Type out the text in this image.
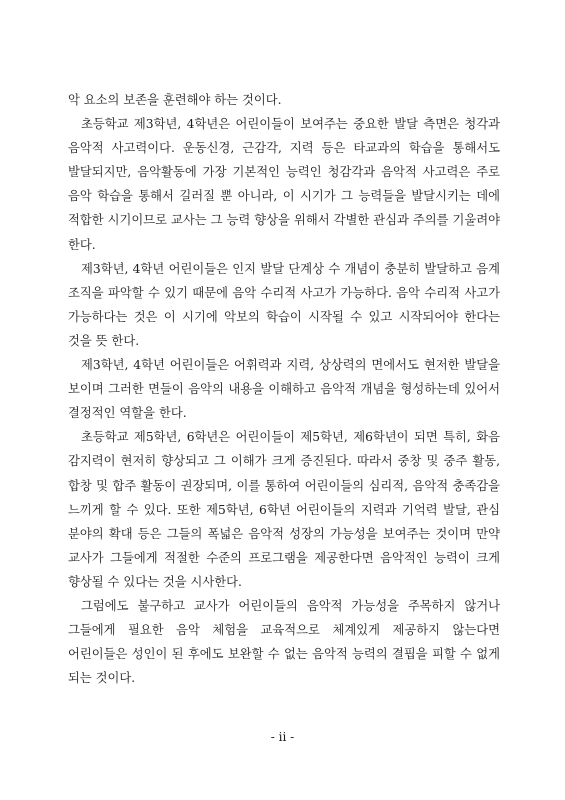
악 요소의 보존을 훈련해야 하는 것이다.

초등학교 제3학년, 4학년은 어린이들이 보여주는 중요한 발달 측면은 청각과 음악적 사고력이다. 운동신경, 근감각, 지력 등은 타교과의 학습을 통해서도 발달되지만, 음악활동에 가장 기본적인 능력인 청감각과 음악적 사고력은 주로 음악 학습을 통해서 길러질 뿐 아니라, 이 시기가 그 능력들을 발달시키는 데에 적합한 시기이므로 교사는 그 능력 향상을 위해서 각별한 관심과 주의를 기울려야 한다.

제3학년, 4학년 어린이들은 인지 발달 단계상 수 개념이 충분히 발달하고 음계 조직을 파악할 수 있기 때문에 음악 수리적 사고가 가능하다. 음악 수리적 사고가 가능하다는 것은 이 시기에 악보의 학습이 시작될 수 있고 시작되어야 한다는 것을 뜻 한다.

제3학년, 4학년 어린이들은 어휘력과 지력, 상상력의 면에서도 현저한 발달을 보이며 그러한 면들이 음악의 내용을 이해하고 음악적 개념을 형성하는데 있어서 결정적인 역할을 한다.

초등학교 제5학년, 6학년은 어린이들이 제5학년, 제6학년이 되면 특히, 화음 감지력이 현저히 향상되고 그 이해가 크게 증진된다. 따라서 중창 및 중주 활동, 합창 및 합주 활동이 권장되며, 이를 통하여 어린이들의 심리적, 음악적 충족감을 느끼게 할 수 있다. 또한 제5학년, 6학년 어린이들의 지력과 기억력 발달, 관심 분야의 확대 등은 그들의 폭넓은 음악적 성장의 가능성을 보여주는 것이며 만약 교사가 그들에게 적절한 수준의 프로그램을 제공한다면 음악적인 능력이 크게 향상될 수 있다는 것을 시사한다.

그럼에도 불구하고 교사가 어린이들의 음악적 가능성을 주목하지 않거나 그들에게 필요한 음악 체험을 교육적으로 체계있게 제공하지 않는다면 어린이들은 성인이 된 후에도 보완할 수 없는 음악적 능력의 결핍을 피할 수 없게 되는 것이다.

- ii -
